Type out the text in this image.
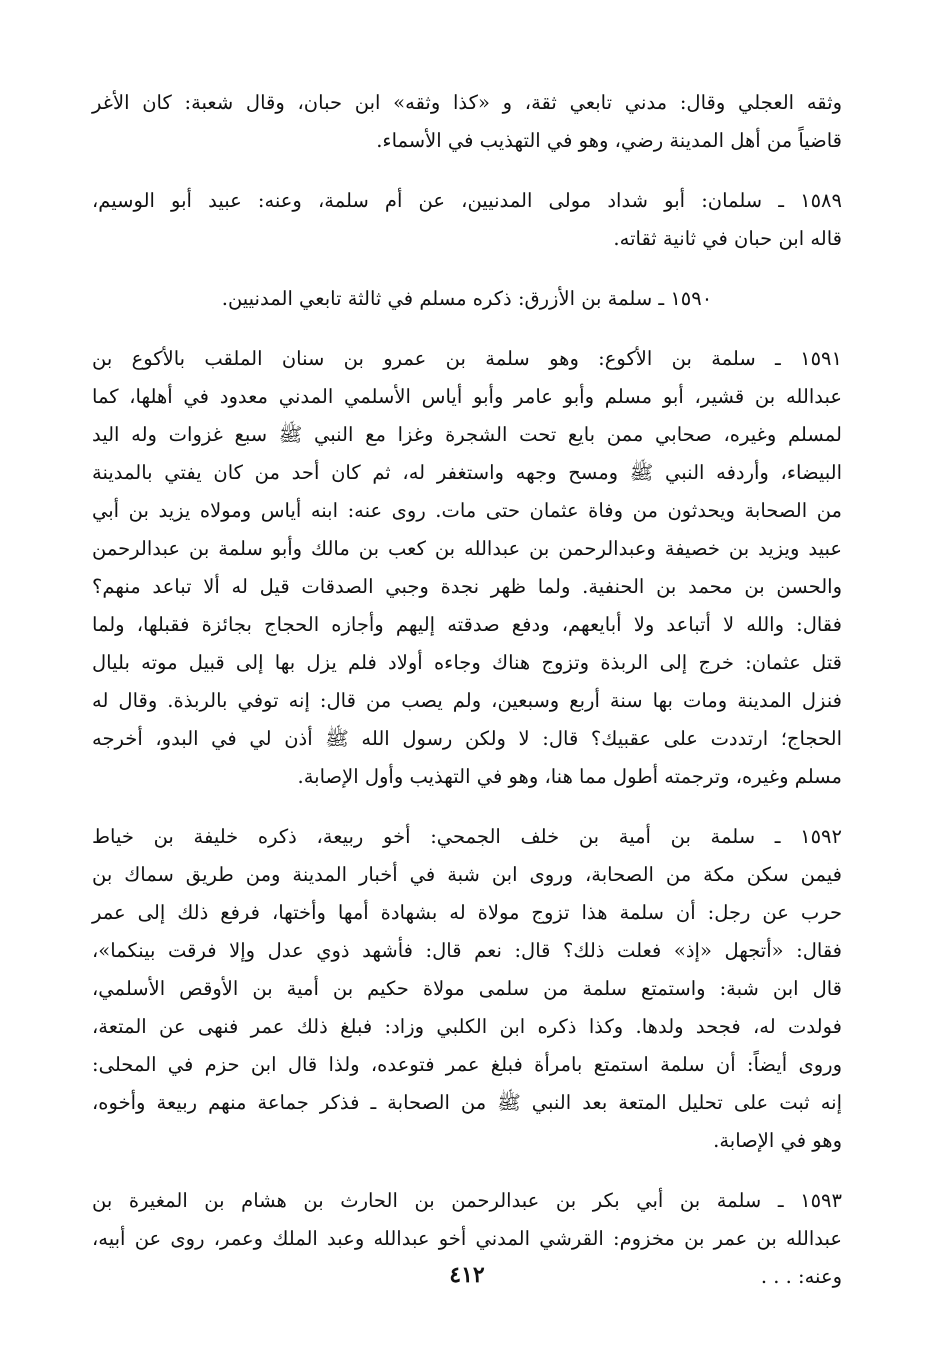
وثقه العجلي وقال: مدني تابعي ثقة، و «كذا وثقه» ابن حبان، وقال شعبة: كان الأغر
قاضياً من أهل المدينة رضي، وهو في التهذيب في الأسماء.
١٥٨٩ ـ سلمان: أبو شداد مولى المدنيين، عن أم سلمة، وعنه: عبيد أبو الوسيم،
قاله ابن حبان في ثانية ثقاته.
١٥٩٠ ـ سلمة بن الأزرق: ذكره مسلم في ثالثة تابعي المدنيين.
١٥٩١ ـ سلمة بن الأكوع: وهو سلمة بن عمرو بن سنان الملقب بالأكوع بن
عبدالله بن قشير، أبو مسلم وأبو عامر وأبو أياس الأسلمي المدني معدود في أهلها، كما
لمسلم وغيره، صحابي ممن بايع تحت الشجرة وغزا مع النبي ﷺ سبع غزوات وله اليد
البيضاء، وأردفه النبي ﷺ ومسح وجهه واستغفر له، ثم كان أحد من كان يفتي بالمدينة
من الصحابة ويحدثون من وفاة عثمان حتى مات. روى عنه: ابنه أياس ومولاه يزيد بن أبي
عبيد ويزيد بن خصيفة وعبدالرحمن بن عبدالله بن كعب بن مالك وأبو سلمة بن عبدالرحمن
والحسن بن محمد بن الحنفية. ولما ظهر نجدة وجبي الصدقات قيل له ألا تباعد منهم؟
فقال: والله لا أتباعد ولا أبايعهم، ودفع صدقته إليهم وأجازه الحجاج بجائزة فقبلها، ولما
قتل عثمان: خرج إلى الربذة وتزوج هناك وجاءه أولاد فلم يزل بها إلى قبيل موته بليال
فنزل المدينة ومات بها سنة أربع وسبعين، ولم يصب من قال: إنه توفي بالربذة. وقال له
الحجاج؛ ارتددت على عقبيك؟ قال: لا ولكن رسول الله ﷺ أذن لي في البدو، أخرجه
مسلم وغيره، وترجمته أطول مما هنا، وهو في التهذيب وأول الإصابة.
١٥٩٢ ـ سلمة بن أمية بن خلف الجمحي: أخو ربيعة، ذكره خليفة بن خياط
فيمن سكن مكة من الصحابة، وروى ابن شبة في أخبار المدينة ومن طريق سماك بن
حرب عن رجل: أن سلمة هذا تزوج مولاة له بشهادة أمها وأختها، فرفع ذلك إلى عمر
فقال: «أتجهل «إذ» فعلت ذلك؟ قال: نعم قال: فأشهد ذوي عدل وإلا فرقت بينكما»،
قال ابن شبة: واستمتع سلمة من سلمى مولاة حكيم بن أمية بن الأوقص الأسلمي،
فولدت له، فجحد ولدها. وكذا ذكره ابن الكلبي وزاد: فبلغ ذلك عمر فنهى عن المتعة،
وروى أيضاً: أن سلمة استمتع بامرأة فبلغ عمر فتوعده، ولذا قال ابن حزم في المحلى:
إنه ثبت على تحليل المتعة بعد النبي ﷺ من الصحابة ـ فذكر جماعة منهم ربيعة وأخوه،
وهو في الإصابة.
١٥٩٣ ـ سلمة بن أبي بكر بن عبدالرحمن بن الحارث بن هشام بن المغيرة بن
عبدالله بن عمر بن مخزوم: القرشي المدني أخو عبدالله وعبد الملك وعمر، روى عن أبيه،
وعنه: . . .
٤١٢
